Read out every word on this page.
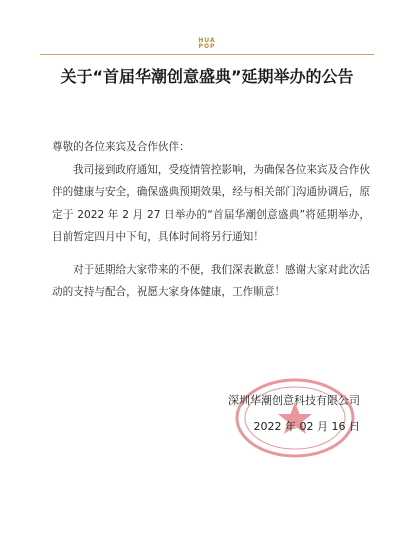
HUA
POP
关于“首届华潮创意盛典”延期举办的公告

尊敬的各位来宾及合作伙伴：

我司接到政府通知，受疫情管控影响，为确保各位来宾及合作伙伴的健康与安全，确保盛典预期效果，经与相关部门沟通协调后，原定于 2022 年 2 月 27 日举办的“首届华潮创意盛典”将延期举办，目前暂定四月中下旬，具体时间将另行通知！

对于延期给大家带来的不便，我们深表歉意！感谢大家对此次活动的支持与配合，祝愿大家身体健康，工作顺意！

深圳华潮创意科技有限公司
2022 年 02 月 16 日
